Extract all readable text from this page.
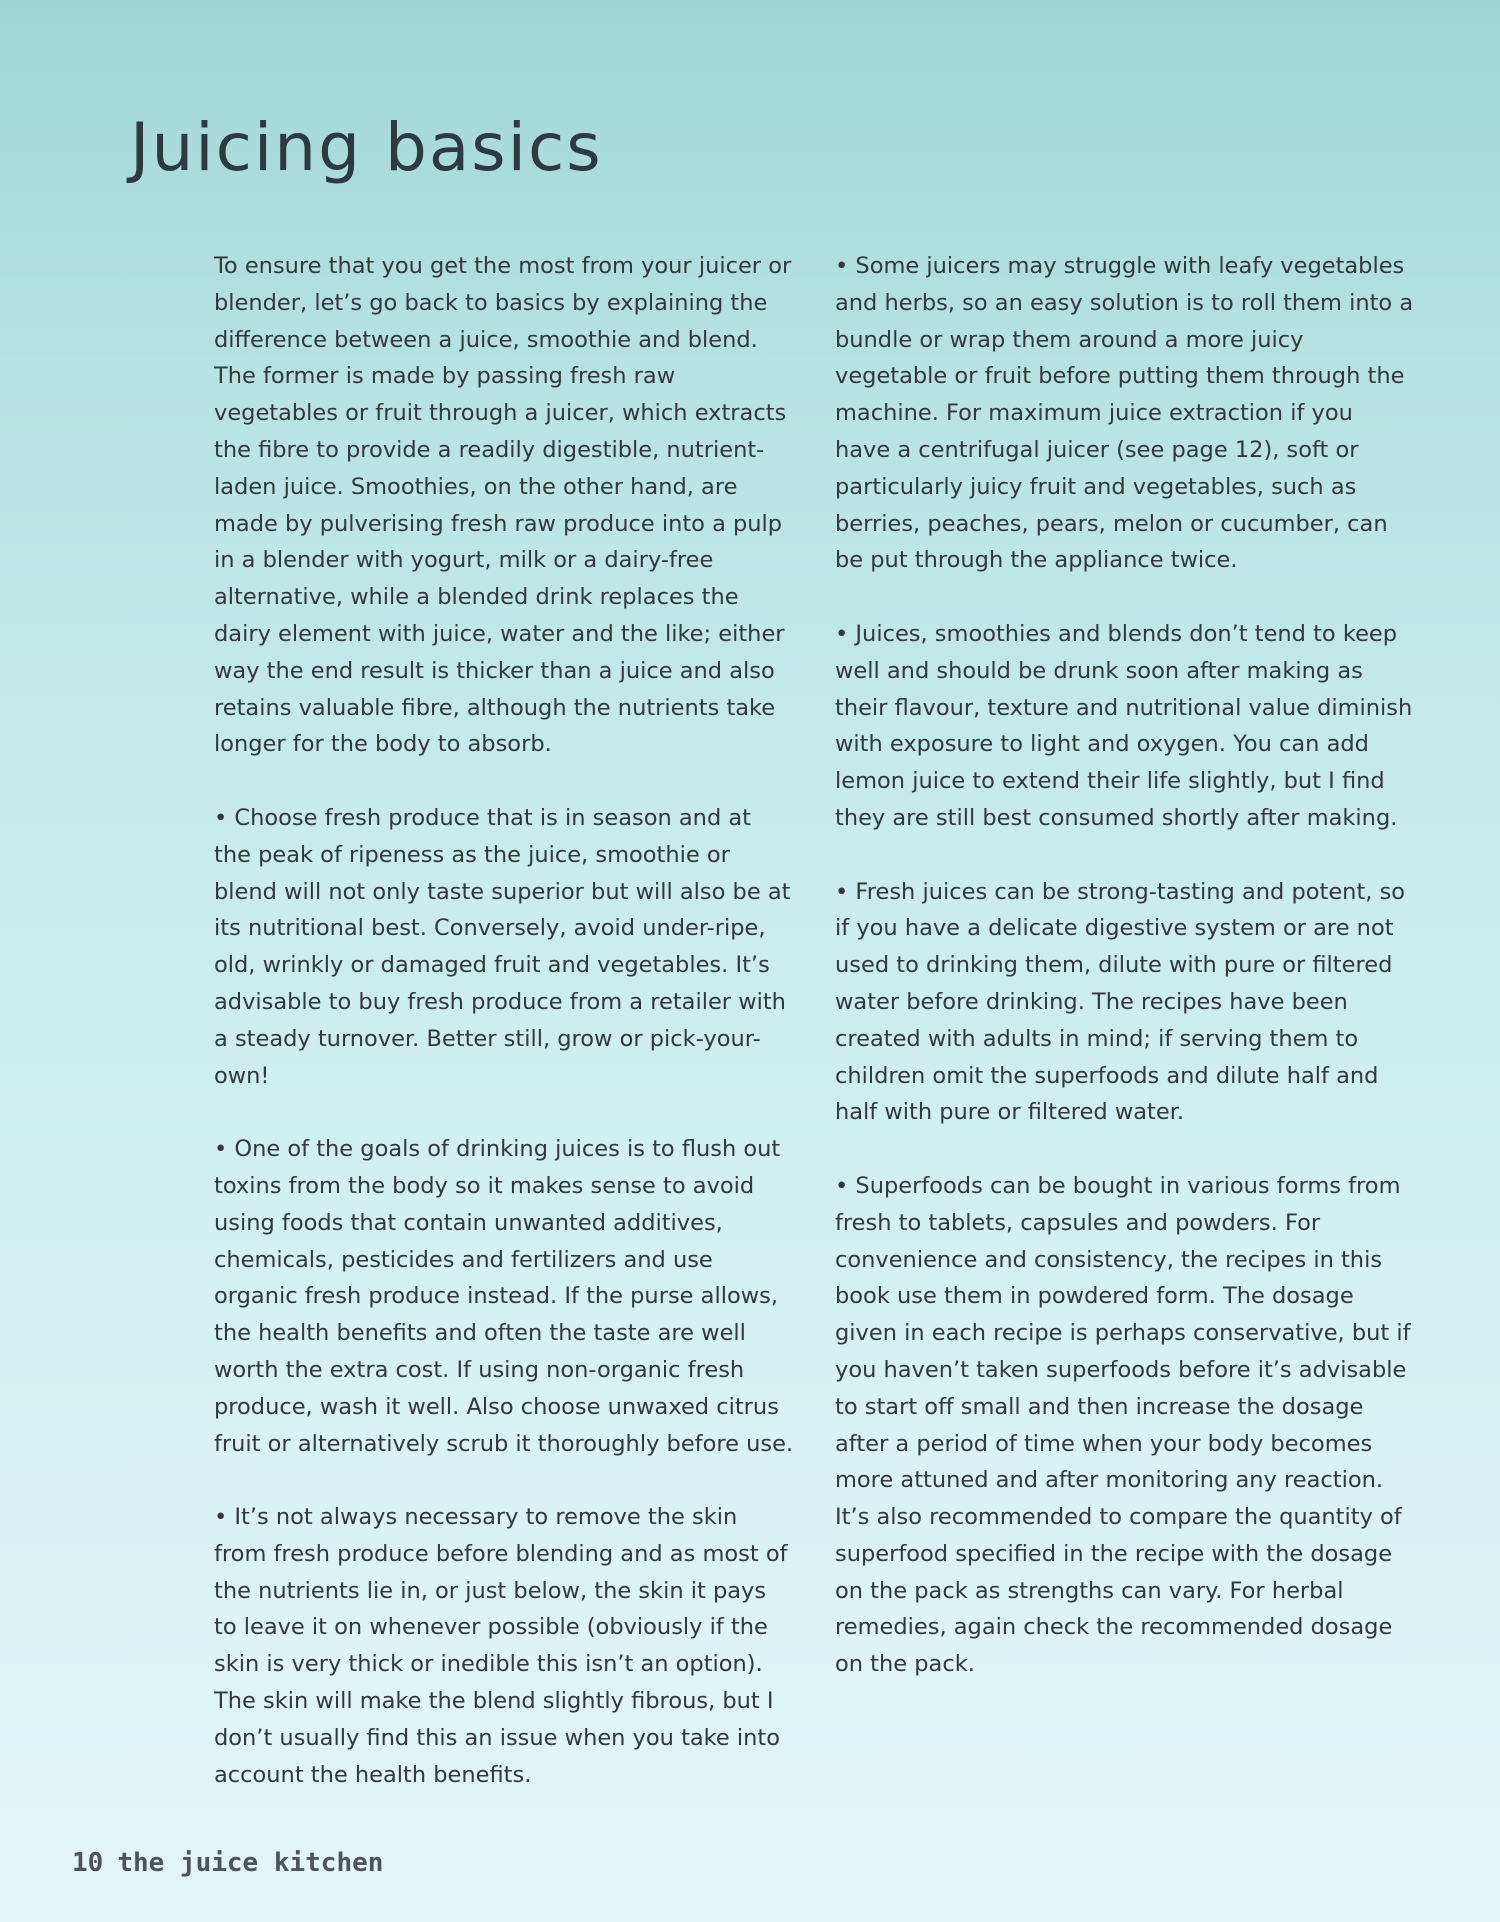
Juicing basics

To ensure that you get the most from your juicer or blender, let’s go back to basics by explaining the difference between a juice, smoothie and blend. The former is made by passing fresh raw vegetables or fruit through a juicer, which extracts the fibre to provide a readily digestible, nutrient-laden juice. Smoothies, on the other hand, are made by pulverising fresh raw produce into a pulp in a blender with yogurt, milk or a dairy-free alternative, while a blended drink replaces the dairy element with juice, water and the like; either way the end result is thicker than a juice and also retains valuable fibre, although the nutrients take longer for the body to absorb.

• Choose fresh produce that is in season and at the peak of ripeness as the juice, smoothie or blend will not only taste superior but will also be at its nutritional best. Conversely, avoid under-ripe, old, wrinkly or damaged fruit and vegetables. It’s advisable to buy fresh produce from a retailer with a steady turnover. Better still, grow or pick-your-own!

• One of the goals of drinking juices is to flush out toxins from the body so it makes sense to avoid using foods that contain unwanted additives, chemicals, pesticides and fertilizers and use organic fresh produce instead. If the purse allows, the health benefits and often the taste are well worth the extra cost. If using non-organic fresh produce, wash it well. Also choose unwaxed citrus fruit or alternatively scrub it thoroughly before use.

• It’s not always necessary to remove the skin from fresh produce before blending and as most of the nutrients lie in, or just below, the skin it pays to leave it on whenever possible (obviously if the skin is very thick or inedible this isn’t an option). The skin will make the blend slightly fibrous, but I don’t usually find this an issue when you take into account the health benefits.

• Some juicers may struggle with leafy vegetables and herbs, so an easy solution is to roll them into a bundle or wrap them around a more juicy vegetable or fruit before putting them through the machine. For maximum juice extraction if you have a centrifugal juicer (see page 12), soft or particularly juicy fruit and vegetables, such as berries, peaches, pears, melon or cucumber, can be put through the appliance twice.

• Juices, smoothies and blends don’t tend to keep well and should be drunk soon after making as their flavour, texture and nutritional value diminish with exposure to light and oxygen. You can add lemon juice to extend their life slightly, but I find they are still best consumed shortly after making.

• Fresh juices can be strong-tasting and potent, so if you have a delicate digestive system or are not used to drinking them, dilute with pure or filtered water before drinking. The recipes have been created with adults in mind; if serving them to children omit the superfoods and dilute half and half with pure or filtered water.

• Superfoods can be bought in various forms from fresh to tablets, capsules and powders. For convenience and consistency, the recipes in this book use them in powdered form. The dosage given in each recipe is perhaps conservative, but if you haven’t taken superfoods before it’s advisable to start off small and then increase the dosage after a period of time when your body becomes more attuned and after monitoring any reaction. It’s also recommended to compare the quantity of superfood specified in the recipe with the dosage on the pack as strengths can vary. For herbal remedies, again check the recommended dosage on the pack.

10 the juice kitchen
